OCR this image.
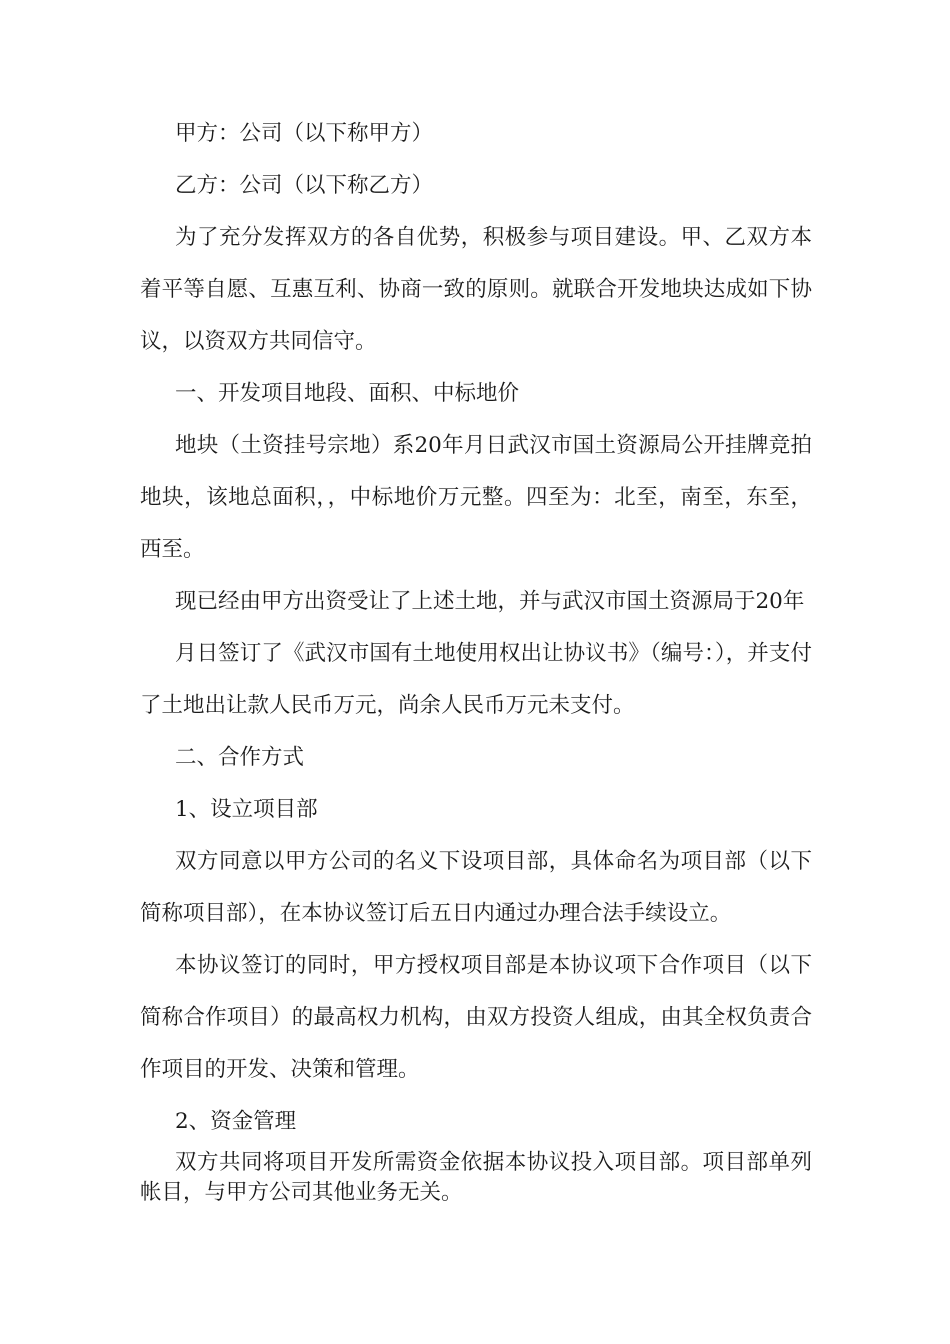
甲方：公司（以下称甲方）

乙方：公司（以下称乙方）

为了充分发挥双方的各自优势，积极参与项目建设。甲、乙双方本着平等自愿、互惠互利、协商一致的原则。就联合开发地块达成如下协议，以资双方共同信守。

一、开发项目地段、面积、中标地价

地块（土资挂号宗地）系20年月日武汉市国土资源局公开挂牌竞拍地块，该地总面积，，中标地价万元整。四至为：北至，南至，东至，西至。

现已经由甲方出资受让了上述土地，并与武汉市国土资源局于20年

月日签订了《武汉市国有土地使用权出让协议书》（编号：），并支付了土地出让款人民币万元，尚余人民币万元未支付。

二、合作方式

1、设立项目部

双方同意以甲方公司的名义下设项目部，具体命名为项目部（以下简称项目部），在本协议签订后五日内通过办理合法手续设立。

本协议签订的同时，甲方授权项目部是本协议项下合作项目（以下简称合作项目）的最高权力机构，由双方投资人组成，由其全权负责合作项目的开发、决策和管理。

2、资金管理

双方共同将项目开发所需资金依据本协议投入项目部。项目部单列帐目，与甲方公司其他业务无关。
